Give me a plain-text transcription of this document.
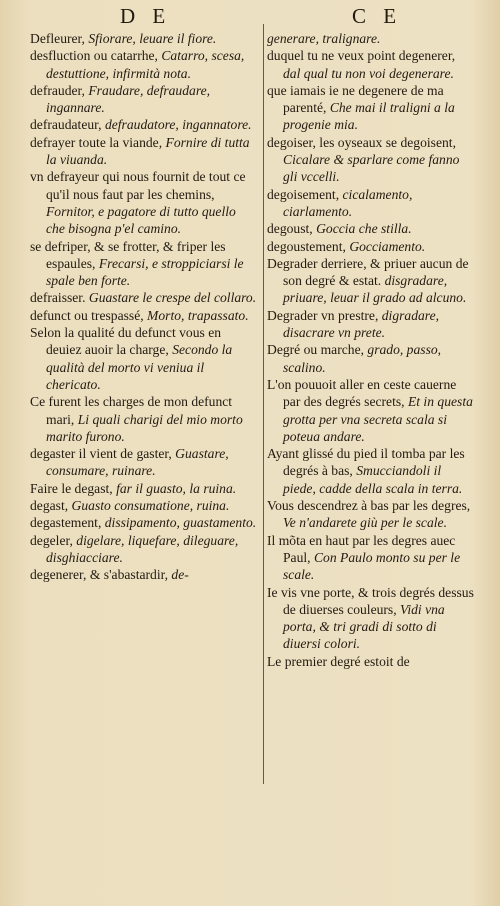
D E	C E

Defleurer, Sfiorare, leuare il fiore.

desfluction ou catarrhe, Catarro, scesa, destuttione, infirmità nota.

defrauder, Fraudare, defraudare, ingannare.

defraudateur, defraudatore, ingannatore.

defrayer toute la viande, Fornire di tutta la viuanda.

vn defrayeur qui nous fournit de tout ce qu'il nous faut par les chemins, Fornitor, e pagatore di tutto quello che bisogna p'el camino.

se defriper, & se frotter, & friper les espaules, Frecarsi, e stroppiciarsi le spale ben forte.

defraisser. Guastare le crespe del collaro.

defunct ou trespassé, Morto, trapassato.

Selon la qualité du defunct vous en deuiez auoir la charge, Secondo la qualità del morto vi veniua il chericato.

Ce furent les charges de mon defunct mari, Li quali charigi del mio morto marito furono.

degaster il vient de gaster, Guastare, consumare, ruinare.

Faire le degast, far il guasto, la ruina.

degast, Guasto consumatione, ruina.

degastement, dissipamento, guastamento.

degeler, digelare, liquefare, dileguare, disghiacciare.

degenerer, & s'abastardir, de-

generare, tralignare.

duquel tu ne veux point degenerer, dal qual tu non voi degenerare.

que iamais ie ne degenere de ma parenté, Che mai il traligni a la progenie mia.

degoiser, les oyseaux se degoisent, Cicalare & sparlare come fanno gli vccelli.

degoisement, cicalamento, ciarlamento.

degoust, Goccia che stilla.

degoustement, Gocciamento.

Degrader derriere, & priuer aucun de son degré & estat. disgradare, priuare, leuar il grado ad alcuno.

Degrader vn prestre, digradare, disacrare vn prete.

Degré ou marche, grado, passo, scalino.

L'on pouuoit aller en ceste cauerne par des degrés secrets, Et in questa grotta per vna secreta scala si poteua andare.

Ayant glissé du pied il tomba par les degrés à bas, Smucciandoli il piede, cadde della scala in terra.

Vous descendrez à bas par les degres, Ve n'andarete giù per le scale.

Il mõta en haut par les degres auec Paul, Con Paulo monto su per le scale.

Ie vis vne porte, & trois degrés dessus de diuerses couleurs, Vidi vna porta, & tri gradi di sotto di diuersi colori.

Le premier degré estoit de
